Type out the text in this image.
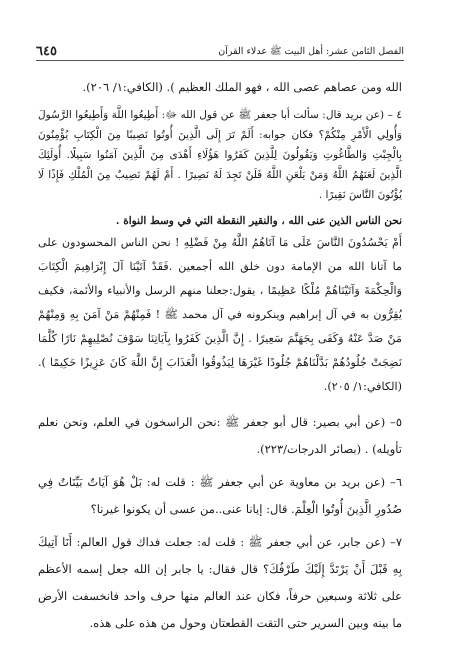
الفصل الثامن عشر: أهل البيت ﷺ عدلاء القرآن
٦٤٥

الله ومن عصاهم عصى الله ، فهو الملك العظيم ). (الكافي:١/ ٢٠٦).

٤ – (عن بريد قال: سألت أبا جعفر ﷺ عن قول الله ﷻ: أَطِيعُوا اللَّهَ وَأَطِيعُوا الرَّسُولَ وَأُولِي الْأَمْرِ مِنْكُمْ؟ فكان جوابه: أَلَمْ تَرَ إِلَى الَّذِينَ أُوتُوا نَصِيبًا مِنَ الْكِتَابِ يُؤْمِنُونَ بِالْجِبْتِ وَالطَّاغُوتِ وَيَقُولُونَ لِلَّذِينَ كَفَرُوا هَؤُلَاءِ أَهْدَى مِنَ الَّذِينَ آمَنُوا سَبِيلًا. أُولَئِكَ الَّذِينَ لَعَنَهُمُ اللَّهُ وَمَنْ يَلْعَنِ اللَّهُ فَلَنْ تَجِدَ لَهُ نَصِيرًا . أَمْ لَهُمْ نَصِيبٌ مِنَ الْمُلْكِ فَإِذًا لَا يُؤْتُونَ النَّاسَ نَقِيرًا .

نحن الناس الذين عنى الله ، والنقير النقطة التي في وسط النواة .

أَمْ يَحْسُدُونَ النَّاسَ عَلَى مَا آتَاهُمُ اللَّهُ مِنْ فَضْلِهِ ! نحن الناس المحسودون على ما آتانا الله من الإمامة دون خلق الله أجمعين .فَقَدْ آتَيْنَا آلَ إِبْرَاهِيمَ الْكِتَابَ وَالْحِكْمَةَ وَآتَيْنَاهُمْ مُلْكًا عَظِيمًا ، يقول:جعلنا منهم الرسل والأنبياء والأئمة، فكيف يُقِرُّون به في آل إبراهيم وينكرونه في آل محمد ﷺ ! فَمِنْهُمْ مَنْ آمَنَ بِهِ وَمِنْهُمْ مَنْ صَدَّ عَنْهُ وَكَفَى بِجَهَنَّمَ سَعِيرًا . إِنَّ الَّذِينَ كَفَرُوا بِآيَاتِنَا سَوْفَ نُصْلِيهِمْ نَارًا كُلَّمَا نَضِجَتْ جُلُودُهُمْ بَدَّلْنَاهُمْ جُلُودًا غَيْرَهَا لِيَذُوقُوا الْعَذَابَ إِنَّ اللَّهَ كَانَ عَزِيزًا حَكِيمًا ). (الكافي:١/ ٢٠٥).

٥– (عن أبي بصير: قال أبو جعفر ﷺ :نحن الراسخون في العلم، ونحن نعلم تأويله) . (بصائر الدرجات/٢٢٣).

٦– (عن بريد بن معاوية عن أبي جعفر ﷺ : قلت له: بَلْ هُوَ آيَاتٌ بَيِّنَاتٌ فِي صُدُورِ الَّذِينَ أُوتُوا الْعِلْمَ. قال: إيانا عنى..من عسى أن يكونوا غيرنا؟

٧– (عن جابر، عن أبي جعفر ﷺ : قلت له: جعلت فداك قول العالم: أَنَا آتِيكَ بِهِ قَبْلَ أَنْ يَرْتَدَّ إِلَيْكَ طَرْفُكَ؟ قال فقال: يا جابر إن الله جعل إسمه الأعظم على ثلاثة وسبعين حرفاً، فكان عند العالم منها حرف واحد فانخسفت الأرض ما بينه وبين السرير حتى التقت القطعتان وحول من هذه على هذه.
